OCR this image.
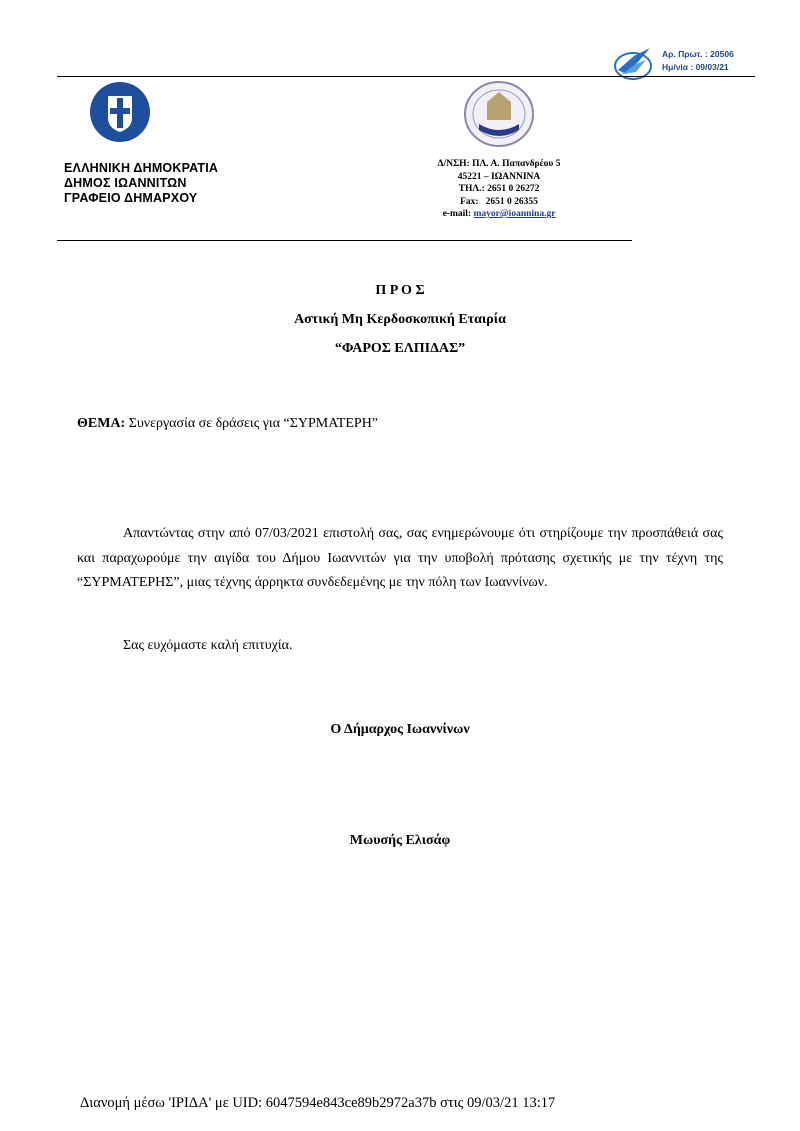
Αρ. Πρωτ. : 20506
Ημ/νία : 09/03/21
ΕΛΛΗΝΙΚΗ ΔΗΜΟΚΡΑΤΙΑ
ΔΗΜΟΣ ΙΩΑΝΝΙΤΩΝ
ΓΡΑΦΕΙΟ ΔΗΜΑΡΧΟΥ
Δ/ΝΣΗ: ΠΛ. Α. Παπανδρέου 5
45221 – ΙΩΑΝΝΙΝΑ
ΤΗΛ.: 2651 0 26272
Fax:   2651 0 26355
e-mail: mayor@ioannina.gr
Π Ρ Ο Σ
Αστική Μη Κερδοσκοπική Εταιρία
“ΦΑΡΟΣ ΕΛΠΙΔΑΣ”
ΘΕΜΑ: Συνεργασία σε δράσεις για “ΣΥΡΜΑΤΕΡΗ”
Απαντώντας στην από 07/03/2021 επιστολή σας, σας ενημερώνουμε ότι στηρίζουμε την προσπάθειά σας και παραχωρούμε την αιγίδα του Δήμου Ιωαννιτών για την υποβολή πρότασης σχετικής με την τέχνη της “ΣΥΡΜΑΤΕΡΗΣ”, μιας τέχνης άρρηκτα συνδεδεμένης με την πόλη των Ιωαννίνων.
Σας ευχόμαστε καλή επιτυχία.
Ο Δήμαρχος Ιωαννίνων
Μωυσής Ελισάφ
Διανομή μέσω 'ΙΡΙΔΑ' με UID: 6047594e843ce89b2972a37b στις 09/03/21 13:17
